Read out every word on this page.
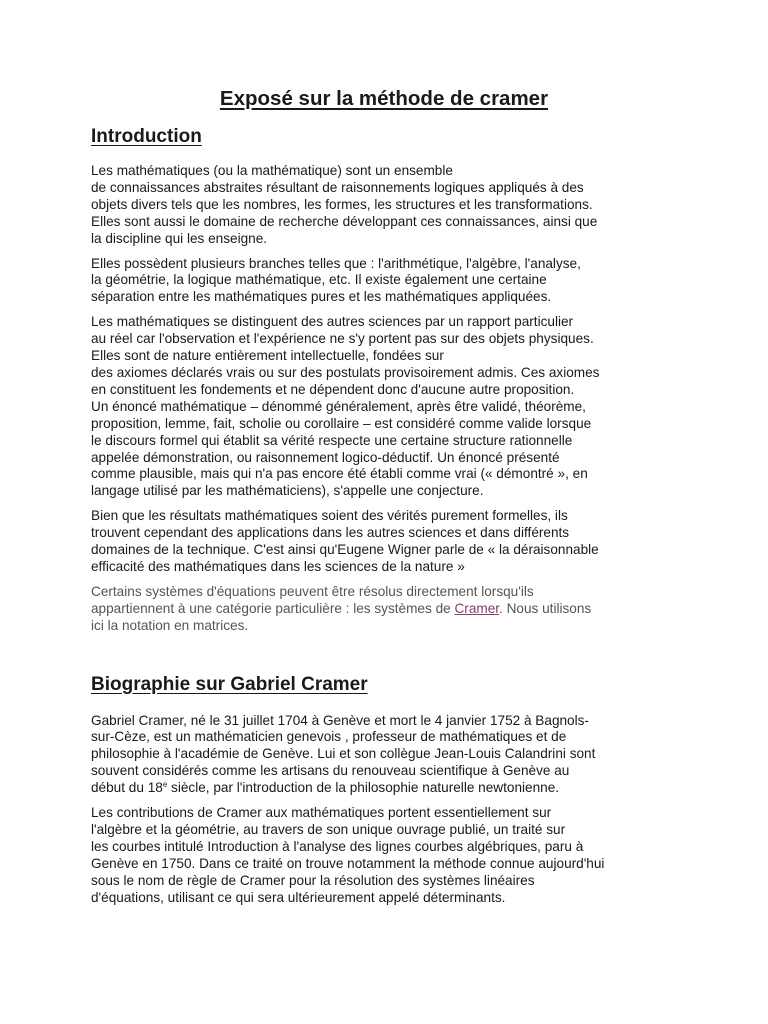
Exposé sur la méthode de cramer
Introduction

Les mathématiques (ou la mathématique) sont un ensemble
de connaissances abstraites résultant de raisonnements logiques appliqués à des
objets divers tels que les nombres, les formes, les structures et les transformations.
Elles sont aussi le domaine de recherche développant ces connaissances, ainsi que
la discipline qui les enseigne.

Elles possèdent plusieurs branches telles que : l'arithmétique, l'algèbre, l'analyse,
la géométrie, la logique mathématique, etc. Il existe également une certaine
séparation entre les mathématiques pures et les mathématiques appliquées.

Les mathématiques se distinguent des autres sciences par un rapport particulier
au réel car l'observation et l'expérience ne s'y portent pas sur des objets physiques.
Elles sont de nature entièrement intellectuelle, fondées sur
des axiomes déclarés vrais ou sur des postulats provisoirement admis. Ces axiomes
en constituent les fondements et ne dépendent donc d'aucune autre proposition.
Un énoncé mathématique – dénommé généralement, après être validé, théorème,
proposition, lemme, fait, scholie ou corollaire – est considéré comme valide lorsque
le discours formel qui établit sa vérité respecte une certaine structure rationnelle
appelée démonstration, ou raisonnement logico-déductif. Un énoncé présenté
comme plausible, mais qui n'a pas encore été établi comme vrai (« démontré », en
langage utilisé par les mathématiciens), s'appelle une conjecture.

Bien que les résultats mathématiques soient des vérités purement formelles, ils
trouvent cependant des applications dans les autres sciences et dans différents
domaines de la technique. C'est ainsi qu'Eugene Wigner parle de « la déraisonnable
efficacité des mathématiques dans les sciences de la nature »

Certains systèmes d'équations peuvent être résolus directement lorsqu'ils
appartiennent à une catégorie particulière : les systèmes de Cramer. Nous utilisons
ici la notation en matrices.

Biographie sur Gabriel Cramer

Gabriel Cramer, né le 31 juillet 1704 à Genève et mort le 4 janvier 1752 à Bagnols-
sur-Cèze, est un mathématicien genevois , professeur de mathématiques et de
philosophie à l'académie de Genève. Lui et son collègue Jean-Louis Calandrini sont
souvent considérés comme les artisans du renouveau scientifique à Genève au
début du 18e siècle, par l'introduction de la philosophie naturelle newtonienne.

Les contributions de Cramer aux mathématiques portent essentiellement sur
l'algèbre et la géométrie, au travers de son unique ouvrage publié, un traité sur
les courbes intitulé Introduction à l'analyse des lignes courbes algébriques, paru à
Genève en 1750. Dans ce traité on trouve notamment la méthode connue aujourd'hui
sous le nom de règle de Cramer pour la résolution des systèmes linéaires
d'équations, utilisant ce qui sera ultérieurement appelé déterminants.
